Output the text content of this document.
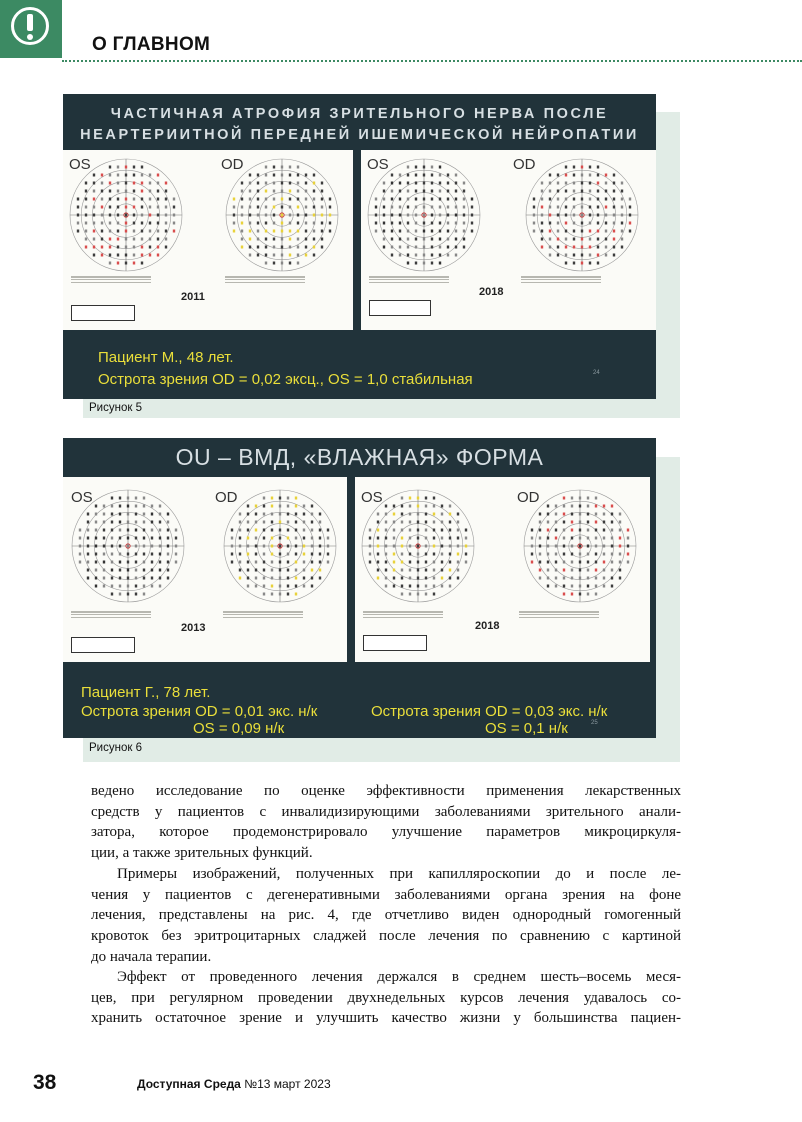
О ГЛАВНОМ
ЧАСТИЧНАЯ АТРОФИЯ ЗРИТЕЛЬНОГО НЕРВА ПОСЛЕ
НЕАРТЕРИИТНОЙ ПЕРЕДНЕЙ ИШЕМИЧЕСКОЙ НЕЙРОПАТИИ
OS	OD
2011
OS	OD
2018
Пациент М., 48 лет.
Острота зрения OD = 0,02 эксц., OS = 1,0 стабильная	24
Рисунок 5
OU – ВМД, «ВЛАЖНАЯ» ФОРМА
OS	OD
2013
OS	OD
2018
Пациент Г., 78 лет.
Острота зрения OD = 0,01 экс. н/к
OS = 0,09 н/к
Острота зрения OD = 0,03 экс. н/к
OS = 0,1 н/к	25
Рисунок 6
ведено исследование по оценке эффективности применения лекарственных
средств у пациентов с инвалидизирующими заболеваниями зрительного анали-
затора, которое продемонстрировало улучшение параметров микроциркуля-
ции, а также зрительных функций.
Примеры изображений, полученных при капилляроскопии до и после ле-
чения у пациентов с дегенеративными заболеваниями органа зрения на фоне
лечения, представлены на рис. 4, где отчетливо виден однородный гомогенный
кровоток без эритроцитарных сладжей после лечения по сравнению с картиной
до начала терапии.
Эффект от проведенного лечения держался в среднем шесть–восемь меся-
цев, при регулярном проведении двухнедельных курсов лечения удавалось со-
хранить остаточное зрение и улучшить качество жизни у большинства пациен-
38	Доступная Среда №13 март 2023
